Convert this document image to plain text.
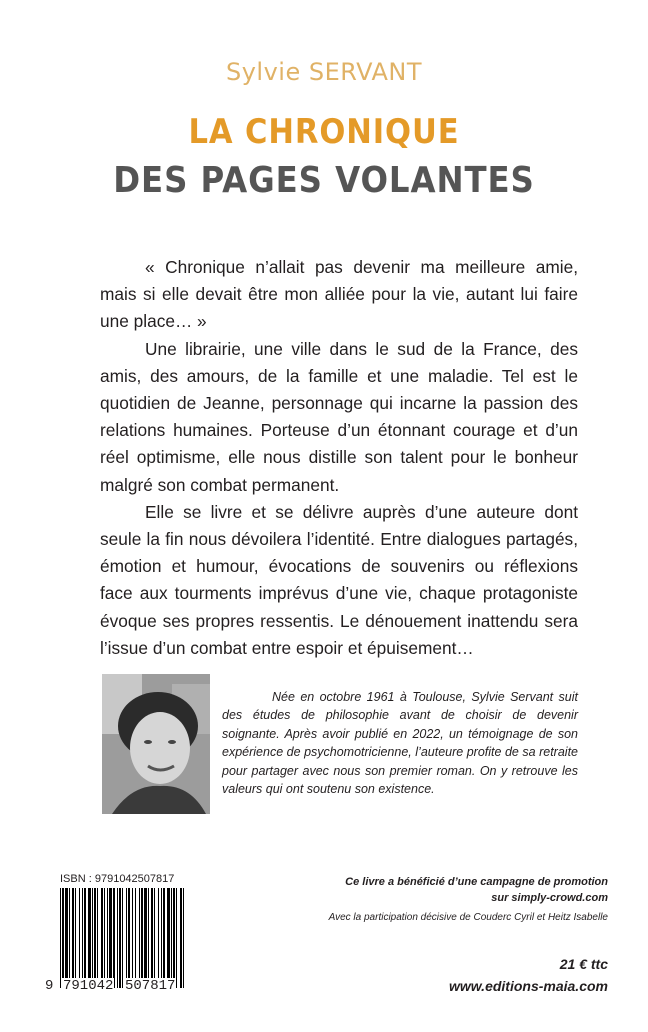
Sylvie SERVANT
LA CHRONIQUE
DES PAGES VOLANTES

« Chronique n’allait pas devenir ma meilleure amie, mais si elle devait être mon alliée pour la vie, autant lui faire une place… »

Une librairie, une ville dans le sud de la France, des amis, des amours, de la famille et une maladie. Tel est le quotidien de Jeanne, personnage qui incarne la passion des relations humaines. Porteuse d’un étonnant courage et d’un réel optimisme, elle nous distille son talent pour le bonheur malgré son combat permanent.

Elle se livre et se délivre auprès d’une auteure dont seule la fin nous dévoilera l’identité. Entre dialogues partagés, émotion et humour, évocations de souvenirs ou réflexions face aux tourments imprévus d’une vie, chaque protagoniste évoque ses propres ressentis. Le dénouement inattendu sera l’issue d’un combat entre espoir et épuisement…

Née en octobre 1961 à Toulouse, Sylvie Servant suit des études de philosophie avant de choisir de devenir soignante. Après avoir publié en 2022, un témoignage de son expérience de psychomotricienne, l’auteure profite de sa retraite pour partager avec nous son premier roman. On y retrouve les valeurs qui ont soutenu son existence.

ISBN : 9791042507817
9 791042 507817
Ce livre a bénéficié d’une campagne de promotion
sur simply-crowd.com
Avec la participation décisive de Couderc Cyril et Heitz Isabelle
21 € ttc
www.editions-maia.com
